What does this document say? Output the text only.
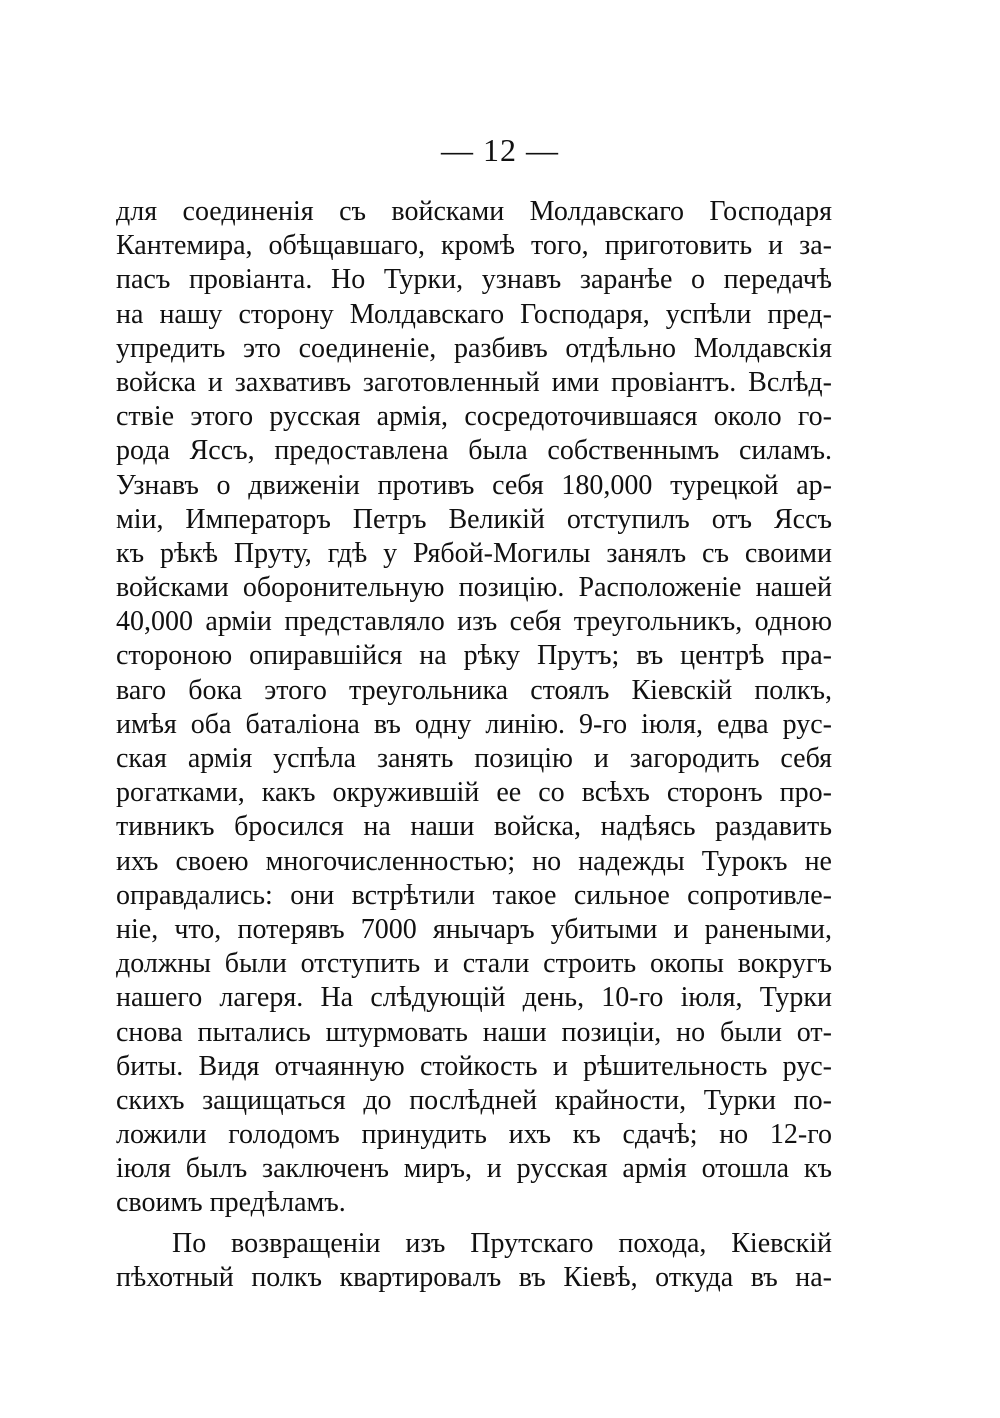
— 12 —
для соединенія съ войсками Молдавскаго Господаря
Кантемира, обѣщавшаго, кромѣ того, приготовить и за-
пасъ провіанта. Но Турки, узнавъ заранѣе о передачѣ
на нашу сторону Молдавскаго Господаря, успѣли пред-
упредить это соединеніе, разбивъ отдѣльно Молдавскія
войска и захвативъ заготовленный ими провіантъ. Вслѣд-
ствіе этого русская армія, сосредоточившаяся около го-
рода Яссъ, предоставлена была собственнымъ силамъ.
Узнавъ о движеніи противъ себя 180,000 турецкой ар-
міи, Императоръ Петръ Великій отступилъ отъ Яссъ
къ рѣкѣ Пруту, гдѣ у Рябой-Могилы занялъ съ своими
войсками оборонительную позицію. Расположеніе нашей
40,000 арміи представляло изъ себя треугольникъ, одною
стороною опиравшійся на рѣку Прутъ; въ центрѣ пра-
ваго бока этого треугольника стоялъ Кіевскій полкъ,
имѣя оба баталіона въ одну линію. 9-го іюля, едва рус-
ская армія успѣла занять позицію и загородить себя
рогатками, какъ окружившій ее со всѣхъ сторонъ про-
тивникъ бросился на наши войска, надѣясь раздавить
ихъ своею многочисленностью; но надежды Турокъ не
оправдались: они встрѣтили такое сильное сопротивле-
ніе, что, потерявъ 7000 янычаръ убитыми и ранеными,
должны были отступить и стали строить окопы вокругъ
нашего лагеря. На слѣдующій день, 10-го іюля, Турки
снова пытались штурмовать наши позиціи, но были от-
биты. Видя отчаянную стойкость и рѣшительность рус-
скихъ защищаться до послѣдней крайности, Турки по-
ложили голодомъ принудить ихъ къ сдачѣ; но 12-го
іюля былъ заключенъ миръ, и русская армія отошла къ
своимъ предѣламъ.
По возвращеніи изъ Прутскаго похода, Кіевскій
пѣхотный полкъ квартировалъ въ Кіевѣ, откуда въ на-
